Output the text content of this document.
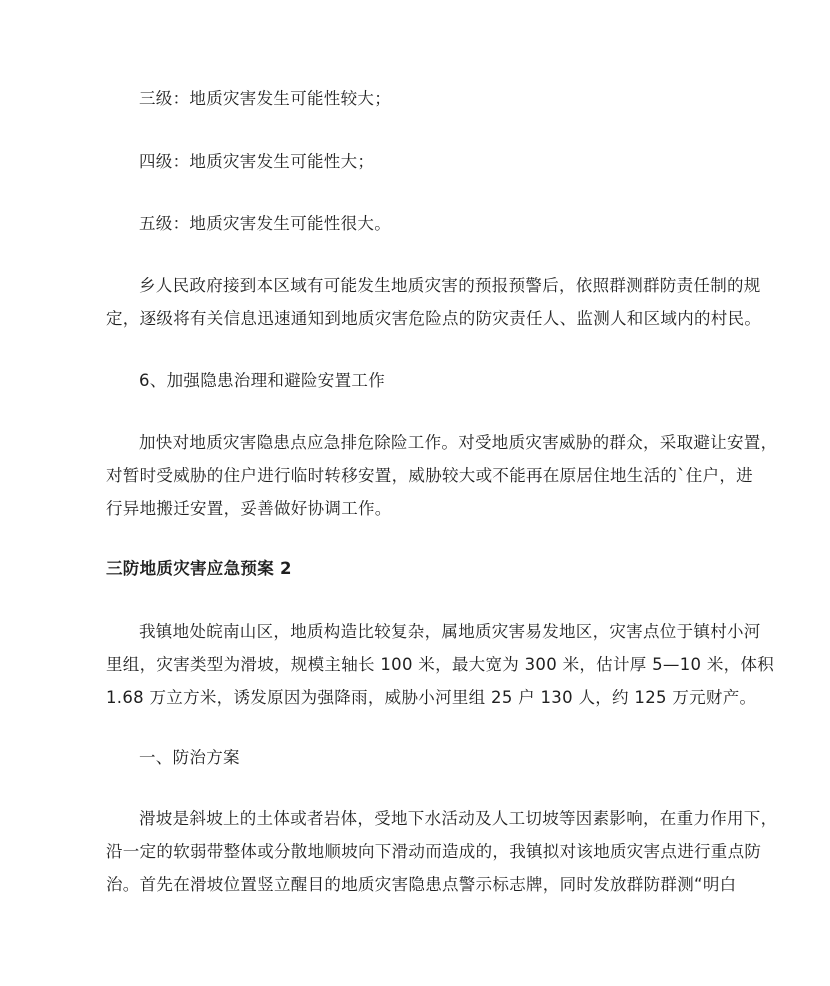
三级：地质灾害发生可能性较大；

四级：地质灾害发生可能性大；

五级：地质灾害发生可能性很大。

乡人民政府接到本区域有可能发生地质灾害的预报预警后，依照群测群防责任制的规
定，逐级将有关信息迅速通知到地质灾害危险点的防灾责任人、监测人和区域内的村民。

6、加强隐患治理和避险安置工作

加快对地质灾害隐患点应急排危除险工作。对受地质灾害威胁的群众，采取避让安置，
对暂时受威胁的住户进行临时转移安置，威胁较大或不能再在原居住地生活的`住户，进
行异地搬迁安置，妥善做好协调工作。

三防地质灾害应急预案 2

我镇地处皖南山区，地质构造比较复杂，属地质灾害易发地区，灾害点位于镇村小河
里组，灾害类型为滑坡，规模主轴长 100 米，最大宽为 300 米，估计厚 5—10 米，体积
1.68 万立方米，诱发原因为强降雨，威胁小河里组 25 户 130 人，约 125 万元财产。

一、防治方案

滑坡是斜坡上的土体或者岩体，受地下水活动及人工切坡等因素影响，在重力作用下，
沿一定的软弱带整体或分散地顺坡向下滑动而造成的，我镇拟对该地质灾害点进行重点防
治。首先在滑坡位置竖立醒目的地质灾害隐患点警示标志牌，同时发放群防群测“明白
